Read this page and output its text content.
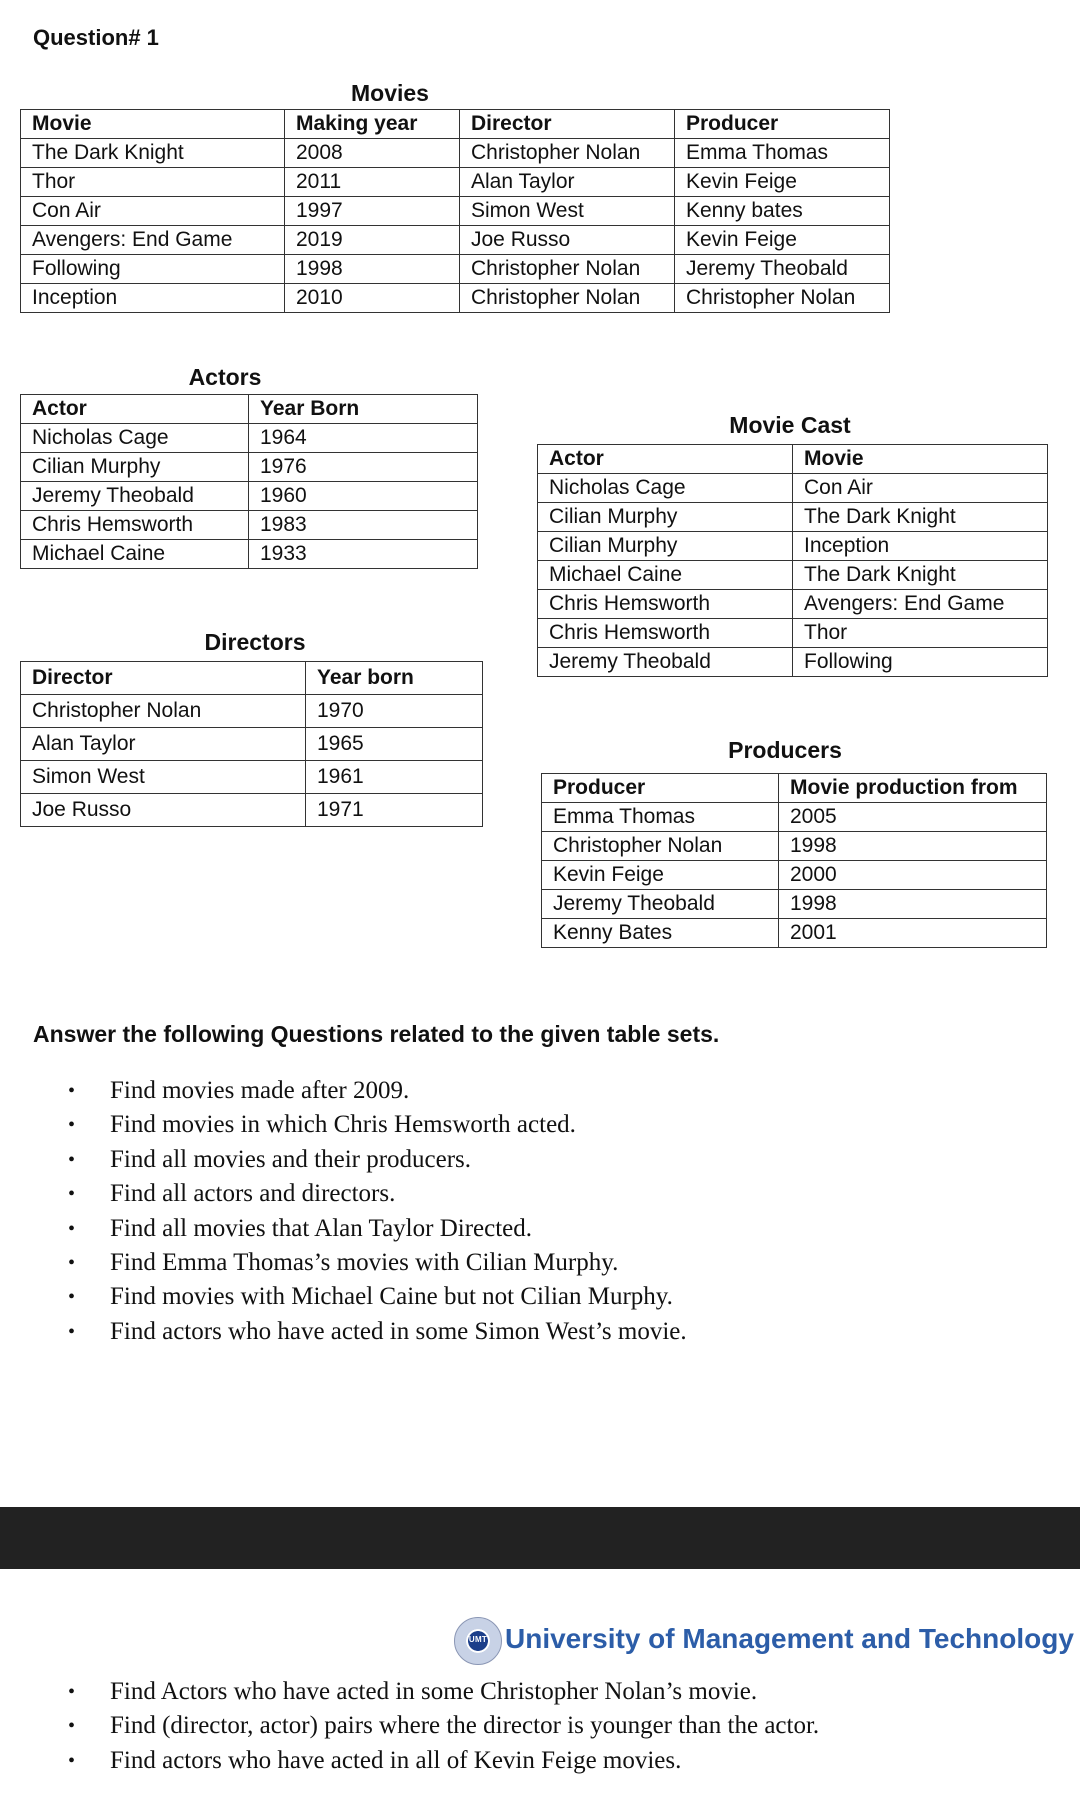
Question# 1
Movies
Movie	Making year	Director	Producer
The Dark Knight	2008	Christopher Nolan	Emma Thomas
Thor	2011	Alan Taylor	Kevin Feige
Con Air	1997	Simon West	Kenny bates
Avengers: End Game	2019	Joe Russo	Kevin Feige
Following	1998	Christopher Nolan	Jeremy Theobald
Inception	2010	Christopher Nolan	Christopher Nolan
Actors
Actor	Year Born
Nicholas Cage	1964
Cilian Murphy	1976
Jeremy Theobald	1960
Chris Hemsworth	1983
Michael Caine	1933
Directors
Director	Year born
Christopher Nolan	1970
Alan Taylor	1965
Simon West	1961
Joe Russo	1971
Movie Cast
Actor	Movie
Nicholas Cage	Con Air
Cilian Murphy	The Dark Knight
Cilian Murphy	Inception
Michael Caine	The Dark Knight
Chris Hemsworth	Avengers: End Game
Chris Hemsworth	Thor
Jeremy Theobald	Following
Producers
Producer	Movie production from
Emma Thomas	2005
Christopher Nolan	1998
Kevin Feige	2000
Jeremy Theobald	1998
Kenny Bates	2001
Answer the following Questions related to the given table sets.
• Find movies made after 2009.
• Find movies in which Chris Hemsworth acted.
• Find all movies and their producers.
• Find all actors and directors.
• Find all movies that Alan Taylor Directed.
• Find Emma Thomas’s movies with Cilian Murphy.
• Find movies with Michael Caine but not Cilian Murphy.
• Find actors who have acted in some Simon West’s movie.
UMT University of Management and Technology
• Find Actors who have acted in some Christopher Nolan’s movie.
• Find (director, actor) pairs where the director is younger than the actor.
• Find actors who have acted in all of Kevin Feige movies.
